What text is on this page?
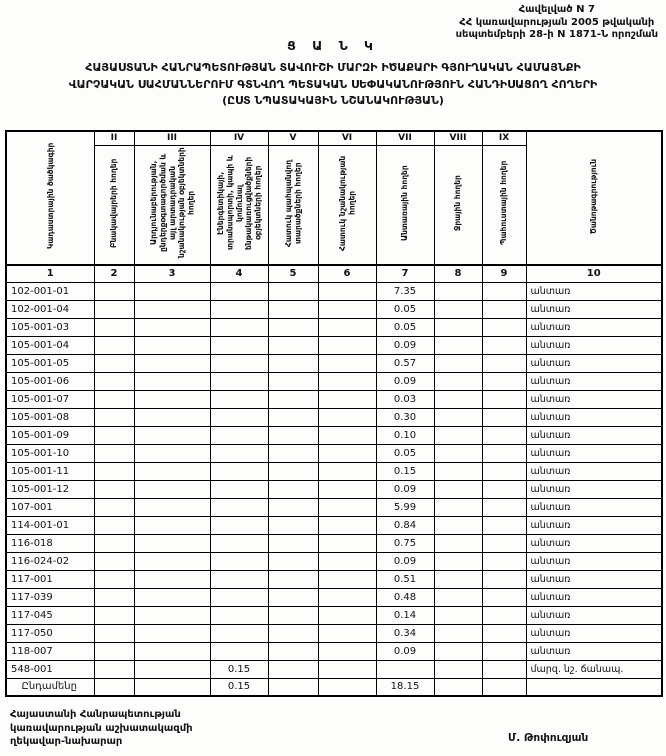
Հավելված N 7
ՀՀ կառավարության 2005 թվականի
սեպտեմբերի 28-ի N 1871-Ն որոշման
Ց Ա Ն Կ
ՀԱՅԱՍՏԱՆԻ ՀԱՆՐԱՊԵՏՈՒԹՅԱՆ ՏԱՎՈՒՇԻ ՄԱՐԶԻ ԻԾԱՔԱՐԻ ԳՅՈՒՂԱԿԱՆ ՀԱՄԱՅՆՔԻ
ՎԱՐՉԱԿԱՆ ՍԱՀՄԱՆՆԵՐՈՒՄ ԳՏՆՎՈՂ ՊԵՏԱԿԱՆ ՍԵՓԱԿԱՆՈՒԹՅՈՒՆ ՀԱՆԴԻՍԱՑՈՂ ՀՈՂԵՐԻ
(ԸՍՏ ՆՊԱՏԱԿԱՅԻՆ ՆՇԱՆԱԿՈՒԹՅԱՆ)
Կադաստրային ծածկագիր	II	III	IV	V	VI	VII	VIII	IX	Ծանոթագրություն
	Բնակավայրերի հողեր	Արդյունաբերության, ընդերքօգտագործման և այլ արտադրական նշանակության օբյեկտների հողեր	Էներգետիկայի, տրանսպորտի, կապի և կոմունալ ենթակառուցվածքների օբյեկտների հողեր	Հատուկ պահպանվող տարածքների հողեր	Հատուկ նշանակության հողեր	Անտառային հողեր	Ջրային հողեր	Պահուստային հողեր	
1	2	3	4	5	6	7	8	9	10
102-001-01						7.35			անտառ
102-001-04						0.05			անտառ
105-001-03						0.05			անտառ
105-001-04						0.09			անտառ
105-001-05						0.57			անտառ
105-001-06						0.09			անտառ
105-001-07						0.03			անտառ
105-001-08						0.30			անտառ
105-001-09						0.10			անտառ
105-001-10						0.05			անտառ
105-001-11						0.15			անտառ
105-001-12						0.09			անտառ
107-001						5.99			անտառ
114-001-01						0.84			անտառ
116-018						0.75			անտառ
116-024-02						0.09			անտառ
117-001						0.51			անտառ
117-039						0.48			անտառ
117-045						0.14			անտառ
117-050						0.34			անտառ
118-007						0.09			անտառ
548-001			0.15						մարզ. նշ. ճանապ.
Ընդամենը			0.15			18.15			
Հայաստանի Հանրապետության
կառավարության աշխատակազմի
ղեկավար-նախարար	Մ. Թոփուզյան
